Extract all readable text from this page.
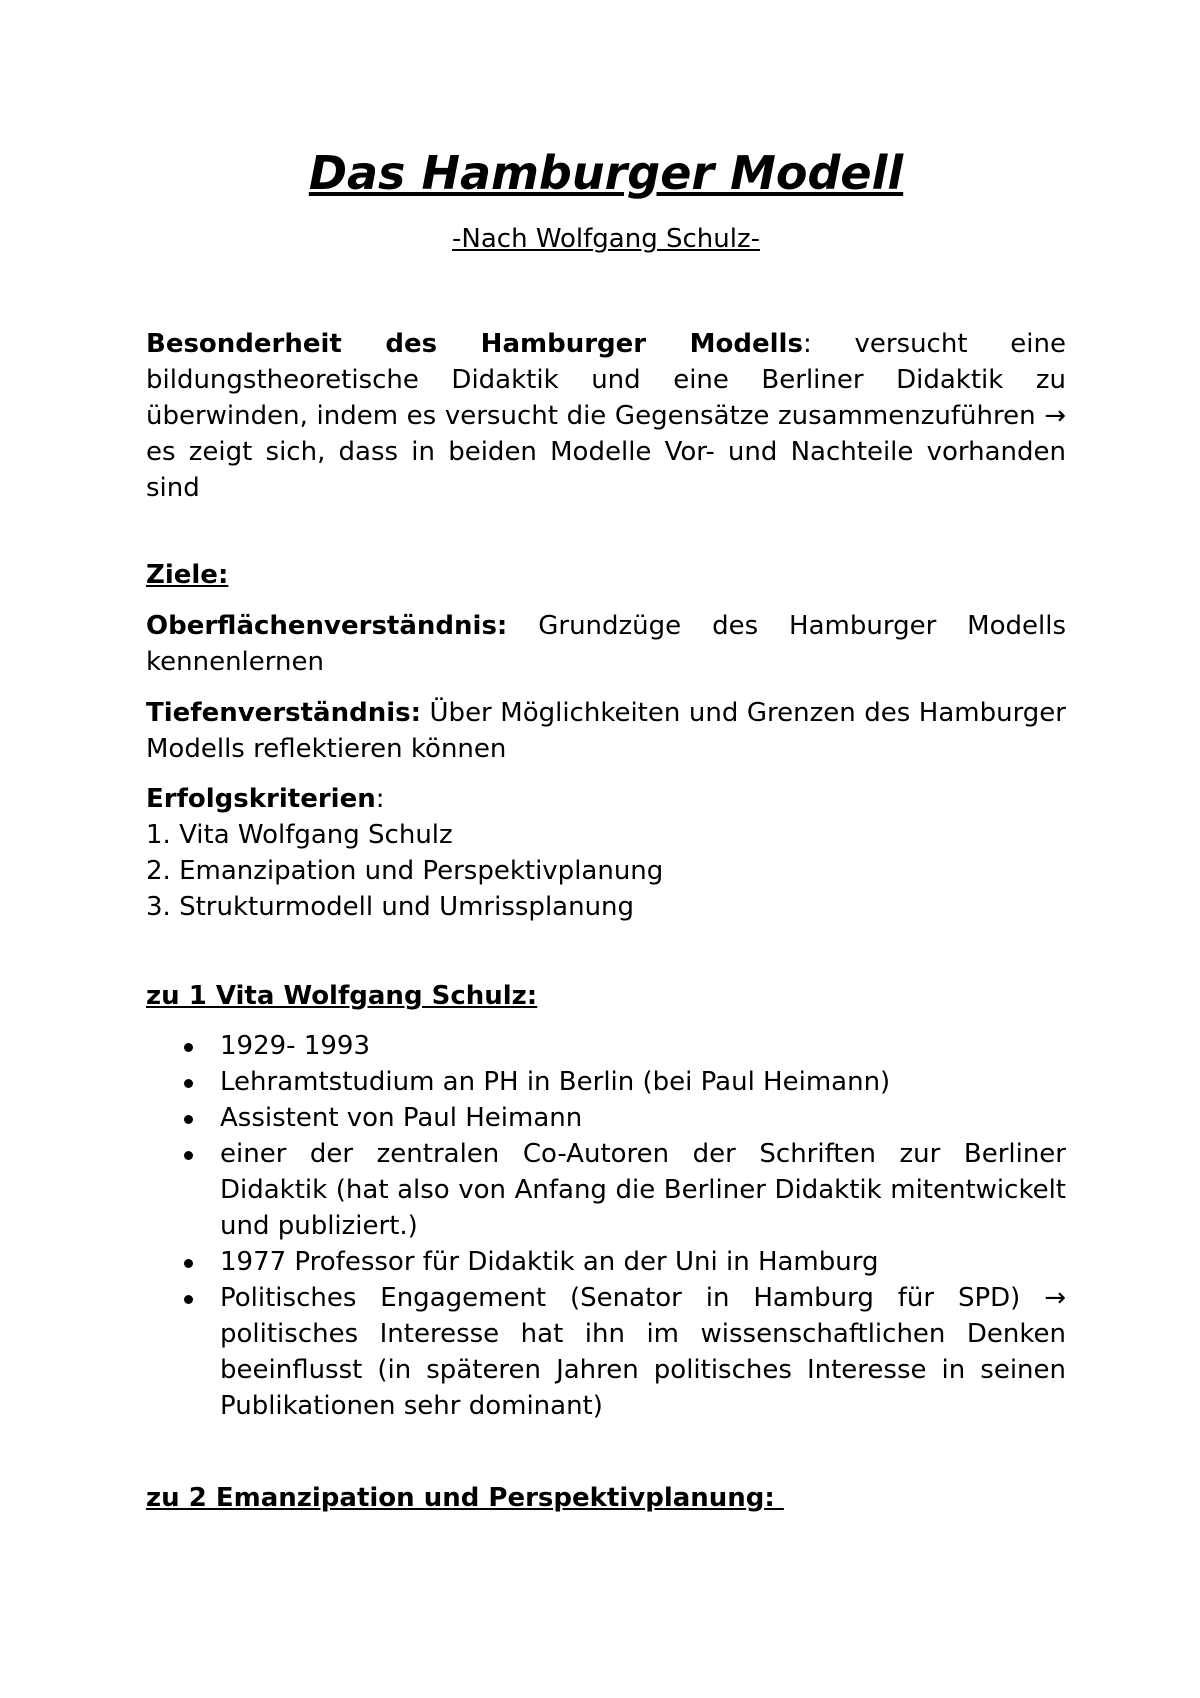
Das Hamburger Modell

-Nach Wolfgang Schulz-

Besonderheit des Hamburger Modells: versucht eine bildungstheoretische Didaktik und eine Berliner Didaktik zu überwinden, indem es versucht die Gegensätze zusammenzuführen → es zeigt sich, dass in beiden Modelle Vor- und Nachteile vorhanden sind

Ziele:

Oberflächenverständnis: Grundzüge des Hamburger Modells kennenlernen

Tiefenverständnis: Über Möglichkeiten und Grenzen des Hamburger Modells reflektieren können

Erfolgskriterien:

1. Vita Wolfgang Schulz
2. Emanzipation und Perspektivplanung
3. Strukturmodell und Umrissplanung

zu 1 Vita Wolfgang Schulz:

1929- 1993
Lehramtstudium an PH in Berlin (bei Paul Heimann)
Assistent von Paul Heimann
einer der zentralen Co-Autoren der Schriften zur Berliner Didaktik (hat also von Anfang die Berliner Didaktik mitentwickelt und publiziert.)
1977 Professor für Didaktik an der Uni in Hamburg
Politisches Engagement (Senator in Hamburg für SPD) → politisches Interesse hat ihn im wissenschaftlichen Denken beeinflusst (in späteren Jahren politisches Interesse in seinen Publikationen sehr dominant)

zu 2 Emanzipation und Perspektivplanung:
